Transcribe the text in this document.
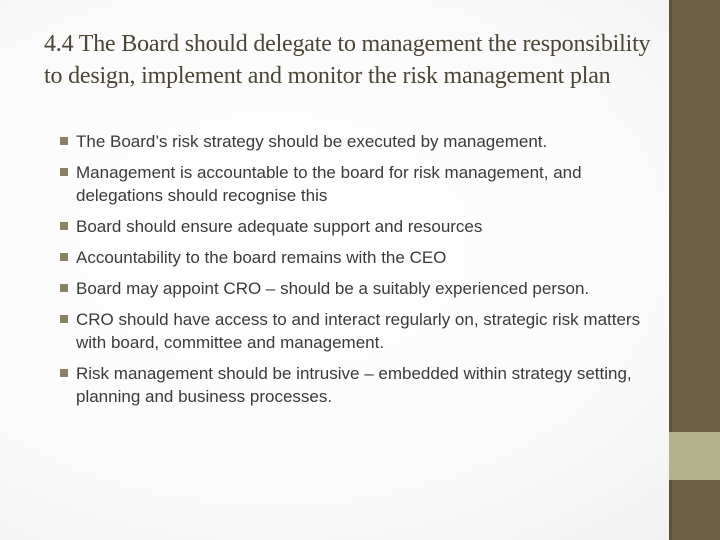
4.4 The Board should delegate to management the responsibility to design, implement and monitor the risk management plan
The Board’s risk strategy should be executed by management.
Management is accountable to the board for risk management, and delegations should recognise this
Board should ensure adequate support and resources
Accountability to the board remains with the CEO
Board may appoint CRO – should be a suitably experienced person.
CRO should have access to and interact regularly on, strategic risk matters with board, committee and management.
Risk management should be intrusive – embedded within strategy setting, planning and business processes.
